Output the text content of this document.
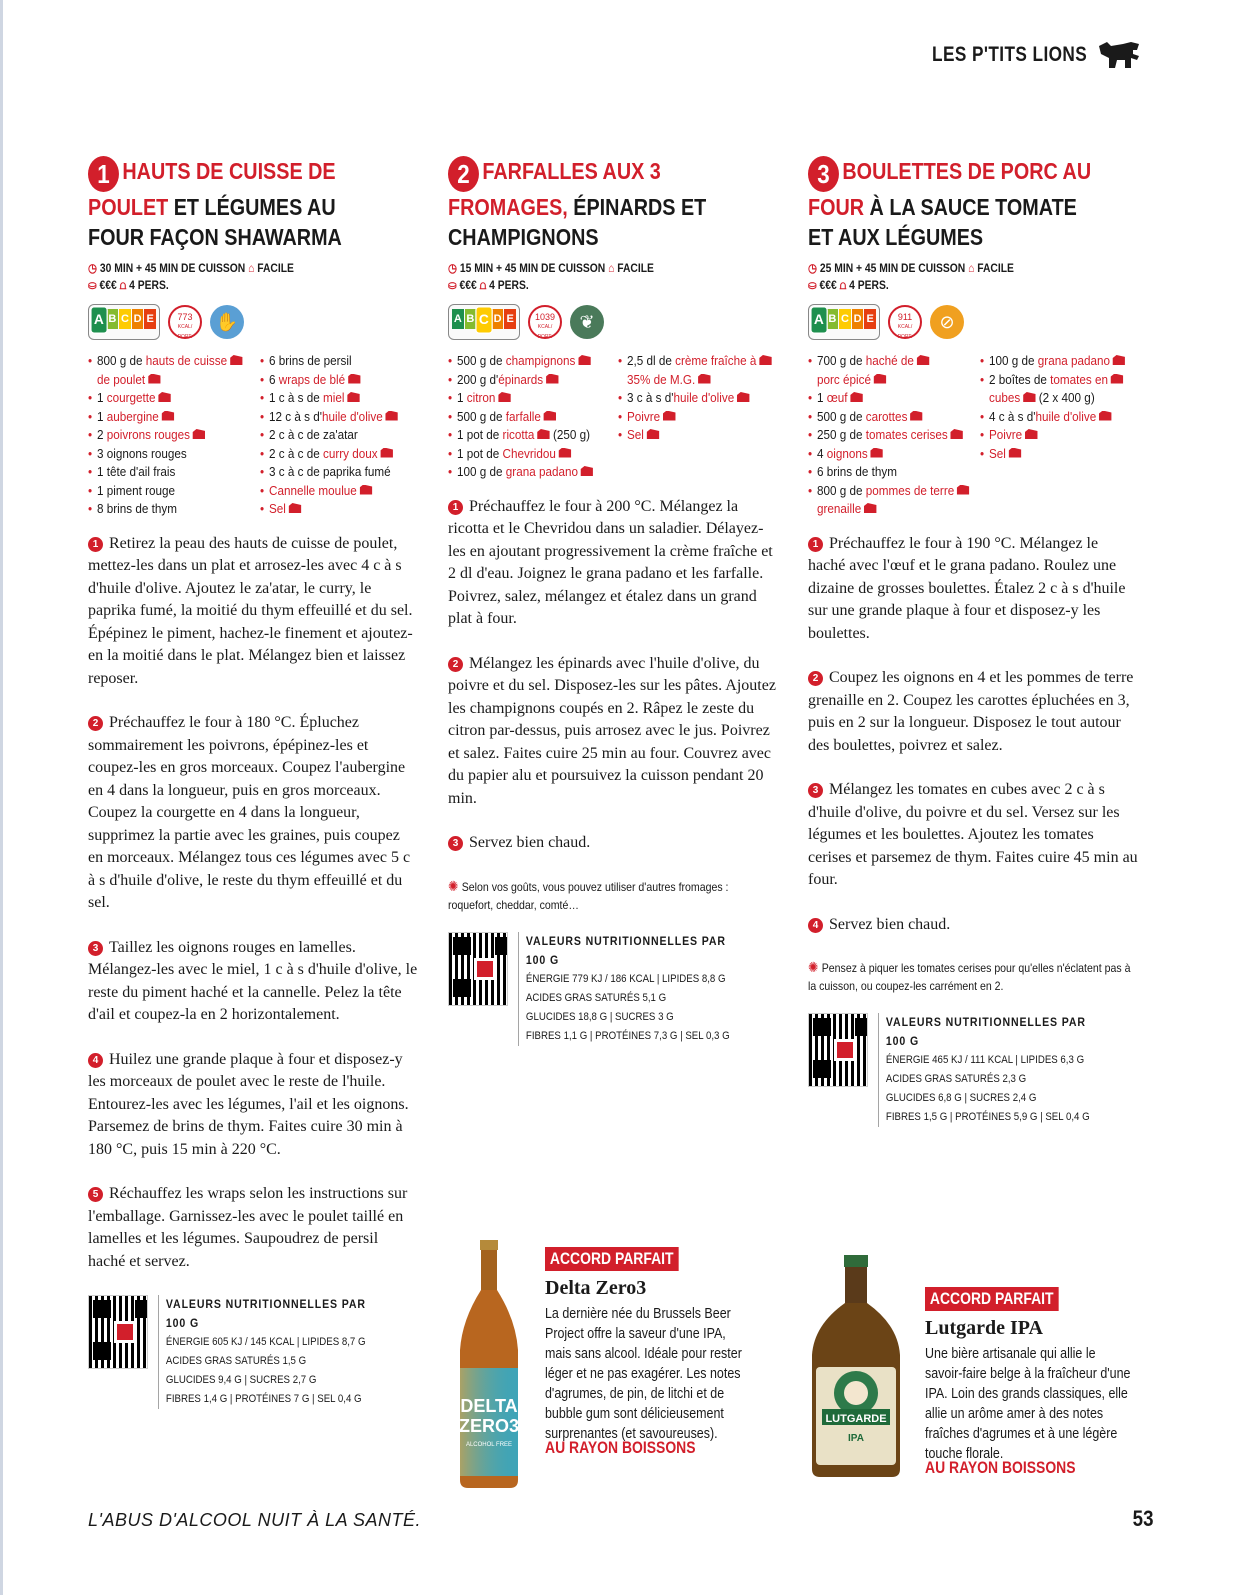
LES P'TITS LIONS
1 HAUTS DE CUISSE DE POULET ET LÉGUMES AU FOUR FAÇON SHAWARMA
◷ 30 MIN + 45 MIN DE CUISSON ⌂ FACILE
⛀ €€€ ⩍ 4 PERS.
A B C D E	773
KCAL/ PORT.
✋
• 800 g de hauts de cuisse
de poulet
• 1 courgette
• 1 aubergine
• 2 poivrons rouges
• 3 oignons rouges
• 1 tête d'ail frais
• 1 piment rouge
• 8 brins de thym
• 6 brins de persil
• 6 wraps de blé
• 1 c à s de miel
• 12 c à s d'huile d'olive
• 2 c à c de za'atar
• 2 c à c de curry doux
• 3 c à c de paprika fumé
• Cannelle moulue
• Sel

1 Retirez la peau des hauts de cuisse de poulet, mettez-les dans un plat et arrosez-les avec 4 c à s d'huile d'olive. Ajoutez le za'atar, le curry, le paprika fumé, la moitié du thym effeuillé et du sel. Épépinez le piment, hachez-le finement et ajoutez-en la moitié dans le plat. Mélangez bien et laissez reposer.

2 Préchauffez le four à 180 °C. Épluchez sommairement les poivrons, épépinez-les et coupez-les en gros morceaux. Coupez l'aubergine en 4 dans la longueur, puis en gros morceaux. Coupez la courgette en 4 dans la longueur, supprimez la partie avec les graines, puis coupez en morceaux. Mélangez tous ces légumes avec 5 c à s d'huile d'olive, le reste du thym effeuillé et du sel.

3 Taillez les oignons rouges en lamelles. Mélangez-les avec le miel, 1 c à s d'huile d'olive, le reste du piment haché et la cannelle. Pelez la tête d'ail et coupez-la en 2 horizontalement.

4 Huilez une grande plaque à four et disposez-y les morceaux de poulet avec le reste de l'huile. Entourez-les avec les légumes, l'ail et les oignons. Parsemez de brins de thym. Faites cuire 30 min à 180 °C, puis 15 min à 220 °C.

5 Réchauffez les wraps selon les instructions sur l'emballage. Garnissez-les avec le poulet taillé en lamelles et les légumes. Saupoudrez de persil haché et servez.

VALEURS NUTRITIONNELLES PAR 100 G
ÉNERGIE 605 KJ / 145 KCAL | LIPIDES 8,7 G
ACIDES GRAS SATURÉS 1,5 G
GLUCIDES 9,4 G | SUCRES 2,7 G
FIBRES 1,4 G | PROTÉINES 7 G | SEL 0,4 G
2 FARFALLES AUX 3 FROMAGES, ÉPINARDS ET CHAMPIGNONS
◷ 15 MIN + 45 MIN DE CUISSON ⌂ FACILE
⛀ €€€ ⩍ 4 PERS.
A B C D E	1039
KCAL/ PORT.
❦
• 500 g de champignons
• 200 g d'épinards
• 1 citron
• 500 g de farfalle
• 1 pot de ricotta (250 g)
• 1 pot de Chevridou
• 100 g de grana padano
• 2,5 dl de crème fraîche à
35% de M.G.
• 3 c à s d'huile d'olive
• Poivre
• Sel

1 Préchauffez le four à 200 °C. Mélangez la ricotta et le Chevridou dans un saladier. Délayez-les en ajoutant progressivement la crème fraîche et 2 dl d'eau. Joignez le grana padano et les farfalle. Poivrez, salez, mélangez et étalez dans un grand plat à four.

2 Mélangez les épinards avec l'huile d'olive, du poivre et du sel. Disposez-les sur les pâtes. Ajoutez les champignons coupés en 2. Râpez le zeste du citron par-dessus, puis arrosez avec le jus. Poivrez et salez. Faites cuire 25 min au four. Couvrez avec du papier alu et poursuivez la cuisson pendant 20 min.

3 Servez bien chaud.

✺ Selon vos goûts, vous pouvez utiliser d'autres fromages : roquefort, cheddar, comté…
VALEURS NUTRITIONNELLES PAR 100 G
ÉNERGIE 779 KJ / 186 KCAL | LIPIDES 8,8 G
ACIDES GRAS SATURÉS 5,1 G
GLUCIDES 18,8 G | SUCRES 3 G
FIBRES 1,1 G | PROTÉINES 7,3 G | SEL 0,3 G
3 BOULETTES DE PORC AU FOUR À LA SAUCE TOMATE ET AUX LÉGUMES
◷ 25 MIN + 45 MIN DE CUISSON ⌂ FACILE
⛀ €€€ ⩍ 4 PERS.
A B C D E	911
KCAL/ PORT.
⊘
• 700 g de haché de
porc épicé
• 1 œuf
• 500 g de carottes
• 250 g de tomates cerises
• 4 oignons
• 6 brins de thym
• 800 g de pommes de terre
grenaille
• 100 g de grana padano
• 2 boîtes de tomates en
cubes (2 x 400 g)
• 4 c à s d'huile d'olive
• Poivre
• Sel

1 Préchauffez le four à 190 °C. Mélangez le haché avec l'œuf et le grana padano. Roulez une dizaine de grosses boulettes. Étalez 2 c à s d'huile sur une grande plaque à four et disposez-y les boulettes.

2 Coupez les oignons en 4 et les pommes de terre grenaille en 2. Coupez les carottes épluchées en 3, puis en 2 sur la longueur. Disposez le tout autour des boulettes, poivrez et salez.

3 Mélangez les tomates en cubes avec 2 c à s d'huile d'olive, du poivre et du sel. Versez sur les légumes et les boulettes. Ajoutez les tomates cerises et parsemez de thym. Faites cuire 45 min au four.

4 Servez bien chaud.

✺ Pensez à piquer les tomates cerises pour qu'elles n'éclatent pas à la cuisson, ou coupez-les carrément en 2.
VALEURS NUTRITIONNELLES PAR 100 G
ÉNERGIE 465 KJ / 111 KCAL | LIPIDES 6,3 G
ACIDES GRAS SATURÉS 2,3 G
GLUCIDES 6,8 G | SUCRES 2,4 G
FIBRES 1,5 G | PROTÉINES 5,9 G | SEL 0,4 G
DELTA
ZERO3
ALCOHOL FREE
ACCORD PARFAIT
Delta Zero3
La dernière née du Brussels Beer Project offre la saveur d'une IPA, mais sans alcool. Idéale pour rester léger et ne pas exagérer. Les notes d'agrumes, de pin, de litchi et de bubble gum sont délicieusement surprenantes (et savoureuses).
AU RAYON BOISSONS
LUTGARDE
IPA
ACCORD PARFAIT
Lutgarde IPA
Une bière artisanale qui allie le savoir-faire belge à la fraîcheur d'une IPA. Loin des grands classiques, elle allie un arôme amer à des notes fraîches d'agrumes et à une légère touche florale.
AU RAYON BOISSONS
L'ABUS D'ALCOOL NUIT À LA SANTÉ.	53
